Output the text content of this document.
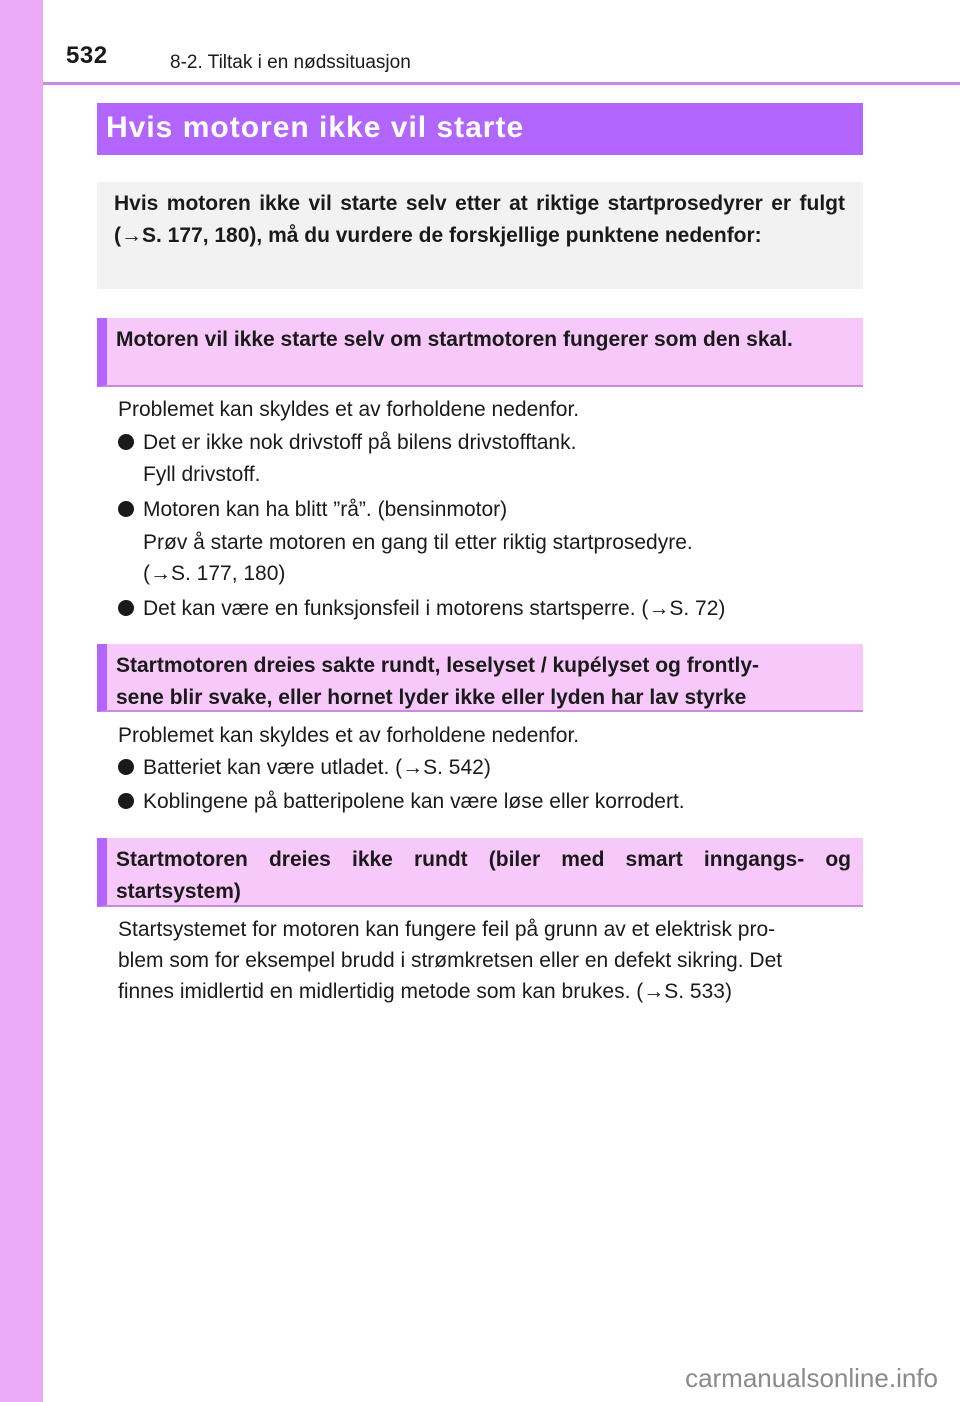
532	8-2. Tiltak i en nødssituasjon
Hvis motoren ikke vil starte

Hvis motoren ikke vil starte selv etter at riktige startprosedyrer er fulgt (→S. 177, 180), må du vurdere de forskjellige punktene nedenfor:

Motoren vil ikke starte selv om startmotoren fungerer som den skal.

Problemet kan skyldes et av forholdene nedenfor.
Det er ikke nok drivstoff på bilens drivstofftank.
Fyll drivstoff.
Motoren kan ha blitt ”rå”. (bensinmotor)
Prøv å starte motoren en gang til etter riktig startprosedyre.
(→S. 177, 180)
Det kan være en funksjonsfeil i motorens startsperre. (→S. 72)

Startmotoren dreies sakte rundt, leselyset / kupélyset og frontly-
sene blir svake, eller hornet lyder ikke eller lyden har lav styrke

Problemet kan skyldes et av forholdene nedenfor.
Batteriet kan være utladet. (→S. 542)
Koblingene på batteripolene kan være løse eller korrodert.

Startmotoren dreies ikke rundt (biler med smart inngangs- og startsystem)

Startsystemet for motoren kan fungere feil på grunn av et elektrisk pro-
blem som for eksempel brudd i strømkretsen eller en defekt sikring. Det
finnes imidlertid en midlertidig metode som kan brukes. (→S. 533)
carmanualsonline.info
